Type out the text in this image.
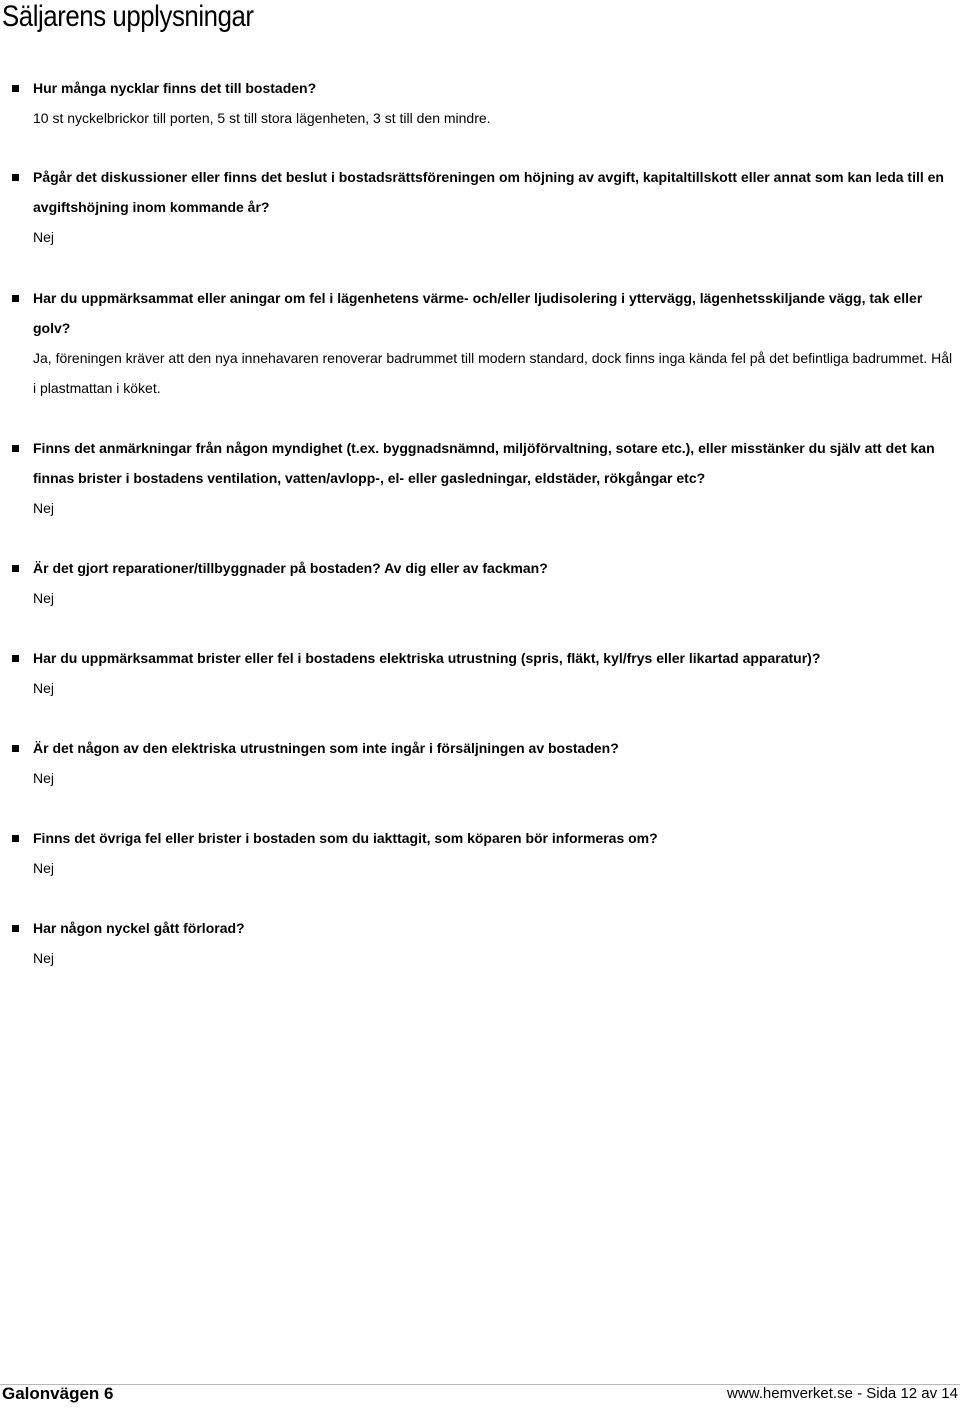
Säljarens upplysningar

Hur många nycklar finns det till bostaden?

10 st nyckelbrickor till porten, 5 st till stora lägenheten, 3 st till den mindre.

Pågår det diskussioner eller finns det beslut i bostadsrättsföreningen om höjning av avgift, kapitaltillskott eller annat som kan leda till en avgiftshöjning inom kommande år?

Nej

Har du uppmärksammat eller aningar om fel i lägenhetens värme- och/eller ljudisolering i yttervägg, lägenhetsskiljande vägg, tak eller golv?

Ja, föreningen kräver att den nya innehavaren renoverar badrummet till modern standard, dock finns inga kända fel på det befintliga badrummet. Hål i plastmattan i köket.

Finns det anmärkningar från någon myndighet (t.ex. byggnadsnämnd, miljöförvaltning, sotare etc.), eller misstänker du själv att det kan finnas brister i bostadens ventilation, vatten/avlopp-, el- eller gasledningar, eldstäder, rökgångar etc?

Nej

Är det gjort reparationer/tillbyggnader på bostaden? Av dig eller av fackman?

Nej

Har du uppmärksammat brister eller fel i bostadens elektriska utrustning (spris, fläkt, kyl/frys eller likartad apparatur)?

Nej

Är det någon av den elektriska utrustningen som inte ingår i försäljningen av bostaden?

Nej

Finns det övriga fel eller brister i bostaden som du iakttagit, som köparen bör informeras om?

Nej

Har någon nyckel gått förlorad?

Nej

Galonvägen 6	www.hemverket.se - Sida 12 av 14
